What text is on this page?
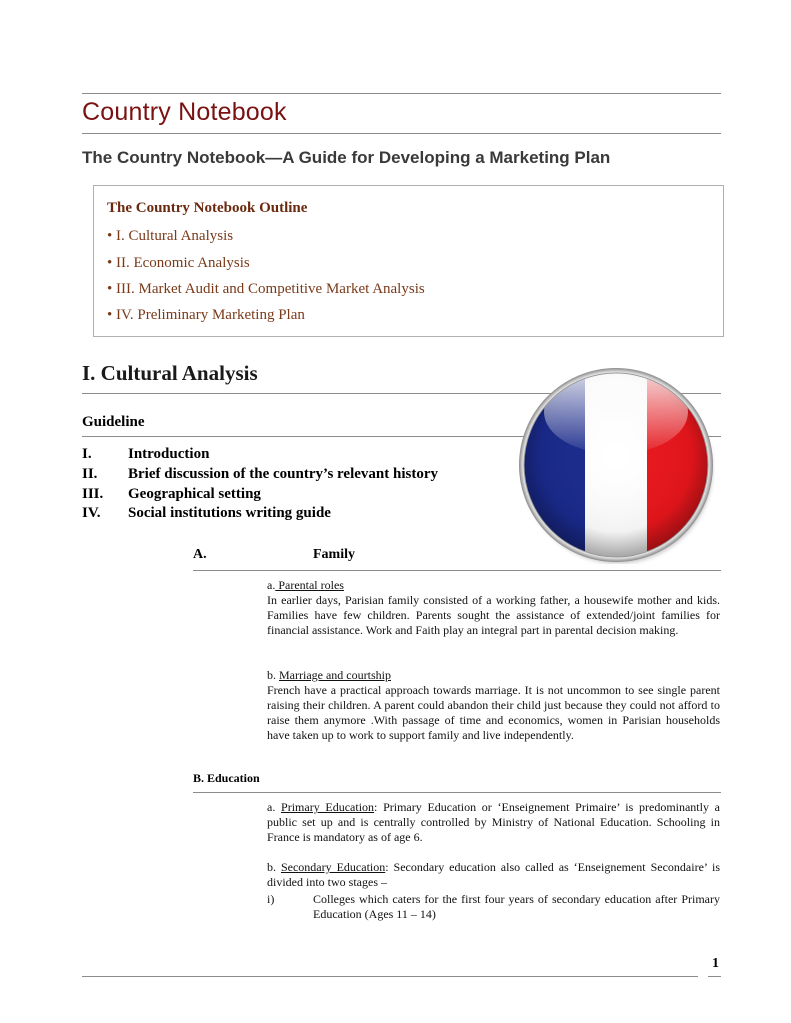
Country Notebook
The Country Notebook—A Guide for Developing a Marketing Plan
The Country Notebook Outline
• I. Cultural Analysis
• II. Economic Analysis
• III. Market Audit and Competitive Market Analysis
• IV. Preliminary Marketing Plan
I. Cultural Analysis
Guideline
I. Introduction
II. Brief discussion of the country’s relevant history
III. Geographical setting
IV. Social institutions writing guide
A.	Family
a. Parental roles
In earlier days, Parisian family consisted of a working father, a housewife mother and kids. Families have few children. Parents sought the assistance of extended/joint families for financial assistance. Work and Faith play an integral part in parental decision making.
b. Marriage and courtship
French have a practical approach towards marriage. It is not uncommon to see single parent raising their children. A parent could abandon their child just because they could not afford to raise them anymore .With passage of time and economics, women in Parisian households have taken up to work to support family and live independently.
B. Education
a. Primary Education: Primary Education or ‘Enseignement Primaire’ is predominantly a public set up and is centrally controlled by Ministry of National Education. Schooling in France is mandatory as of age 6.
b. Secondary Education: Secondary education also called as ‘Enseignement Secondaire’ is divided into two stages –
i)	Colleges which caters for the first four years of secondary education after Primary Education (Ages 11 – 14)
1
